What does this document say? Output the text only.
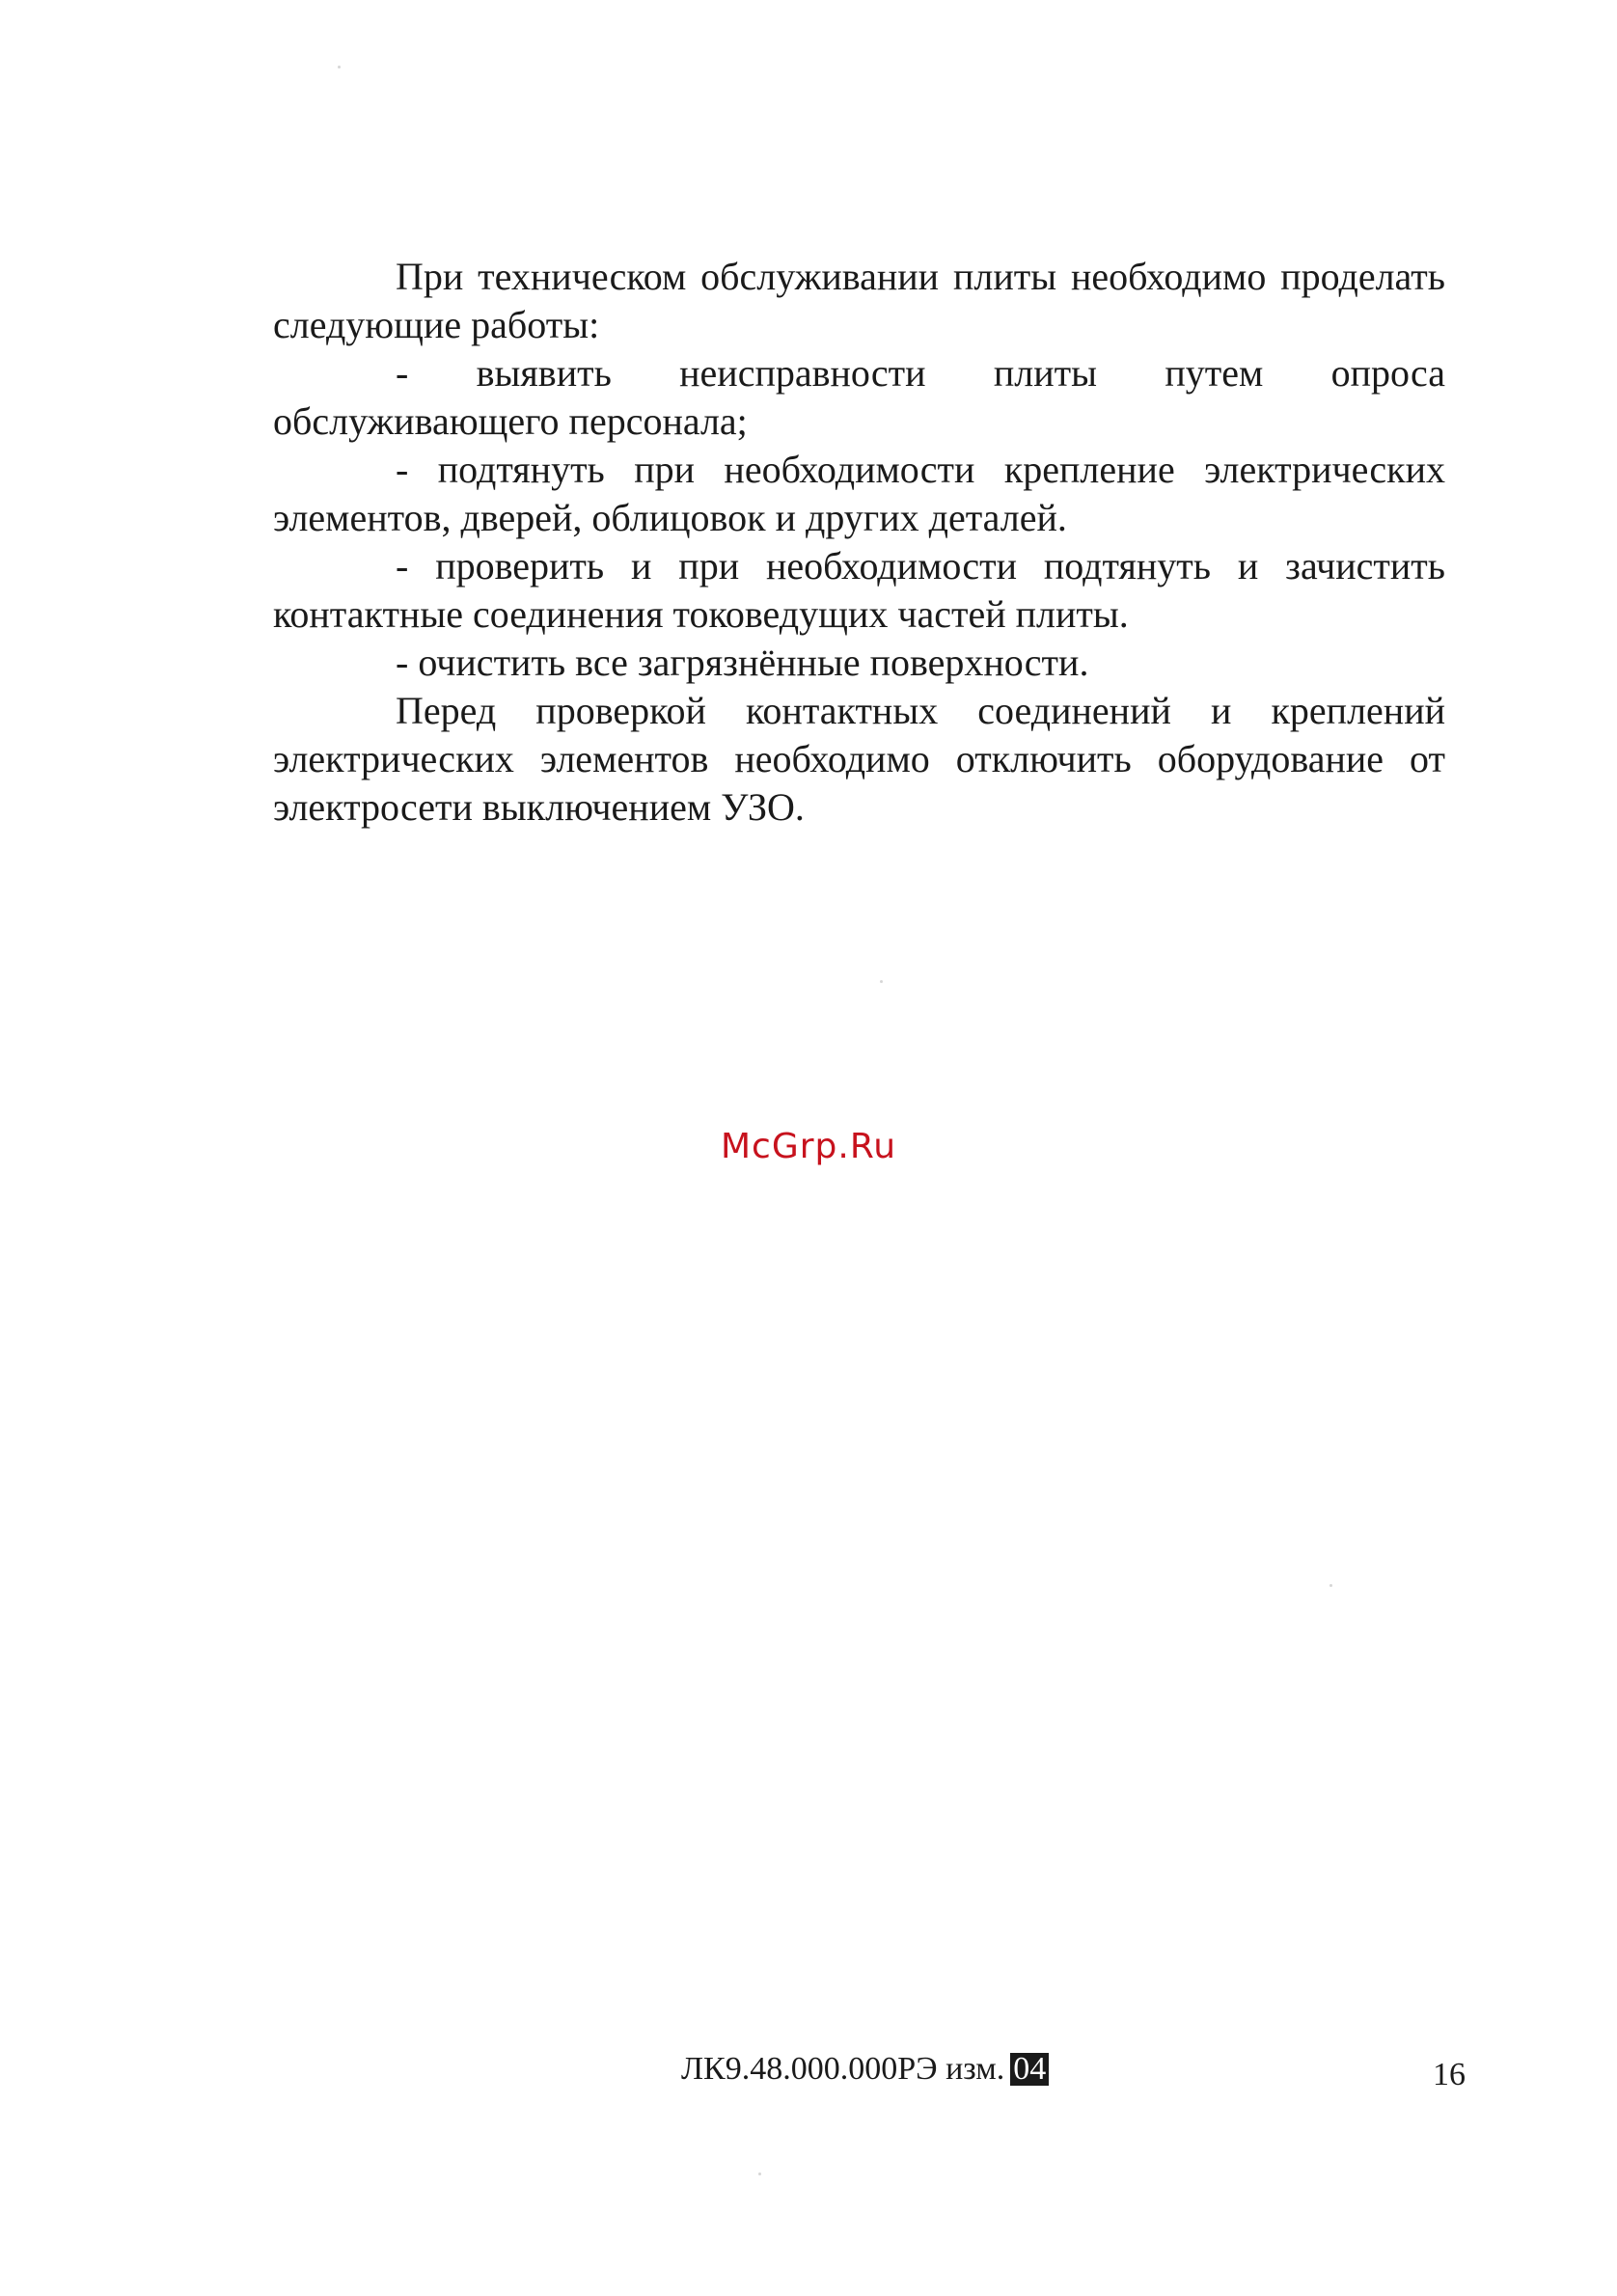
При техническом обслуживании плиты необходимо проделать следующие работы:

- выявить неисправности плиты путем опроса обслуживающего персонала;

- подтянуть при необходимости крепление электрических элементов, дверей, облицовок и других деталей.

- проверить и при необходимости подтянуть и зачистить контактные соединения токоведущих частей плиты.

- очистить все загрязнённые поверхности.

Перед проверкой контактных соединений и креплений электрических элементов необходимо отключить оборудование от электросети выключением УЗО.

McGrp.Ru
ЛК9.48.000.000РЭ изм. 04	16
